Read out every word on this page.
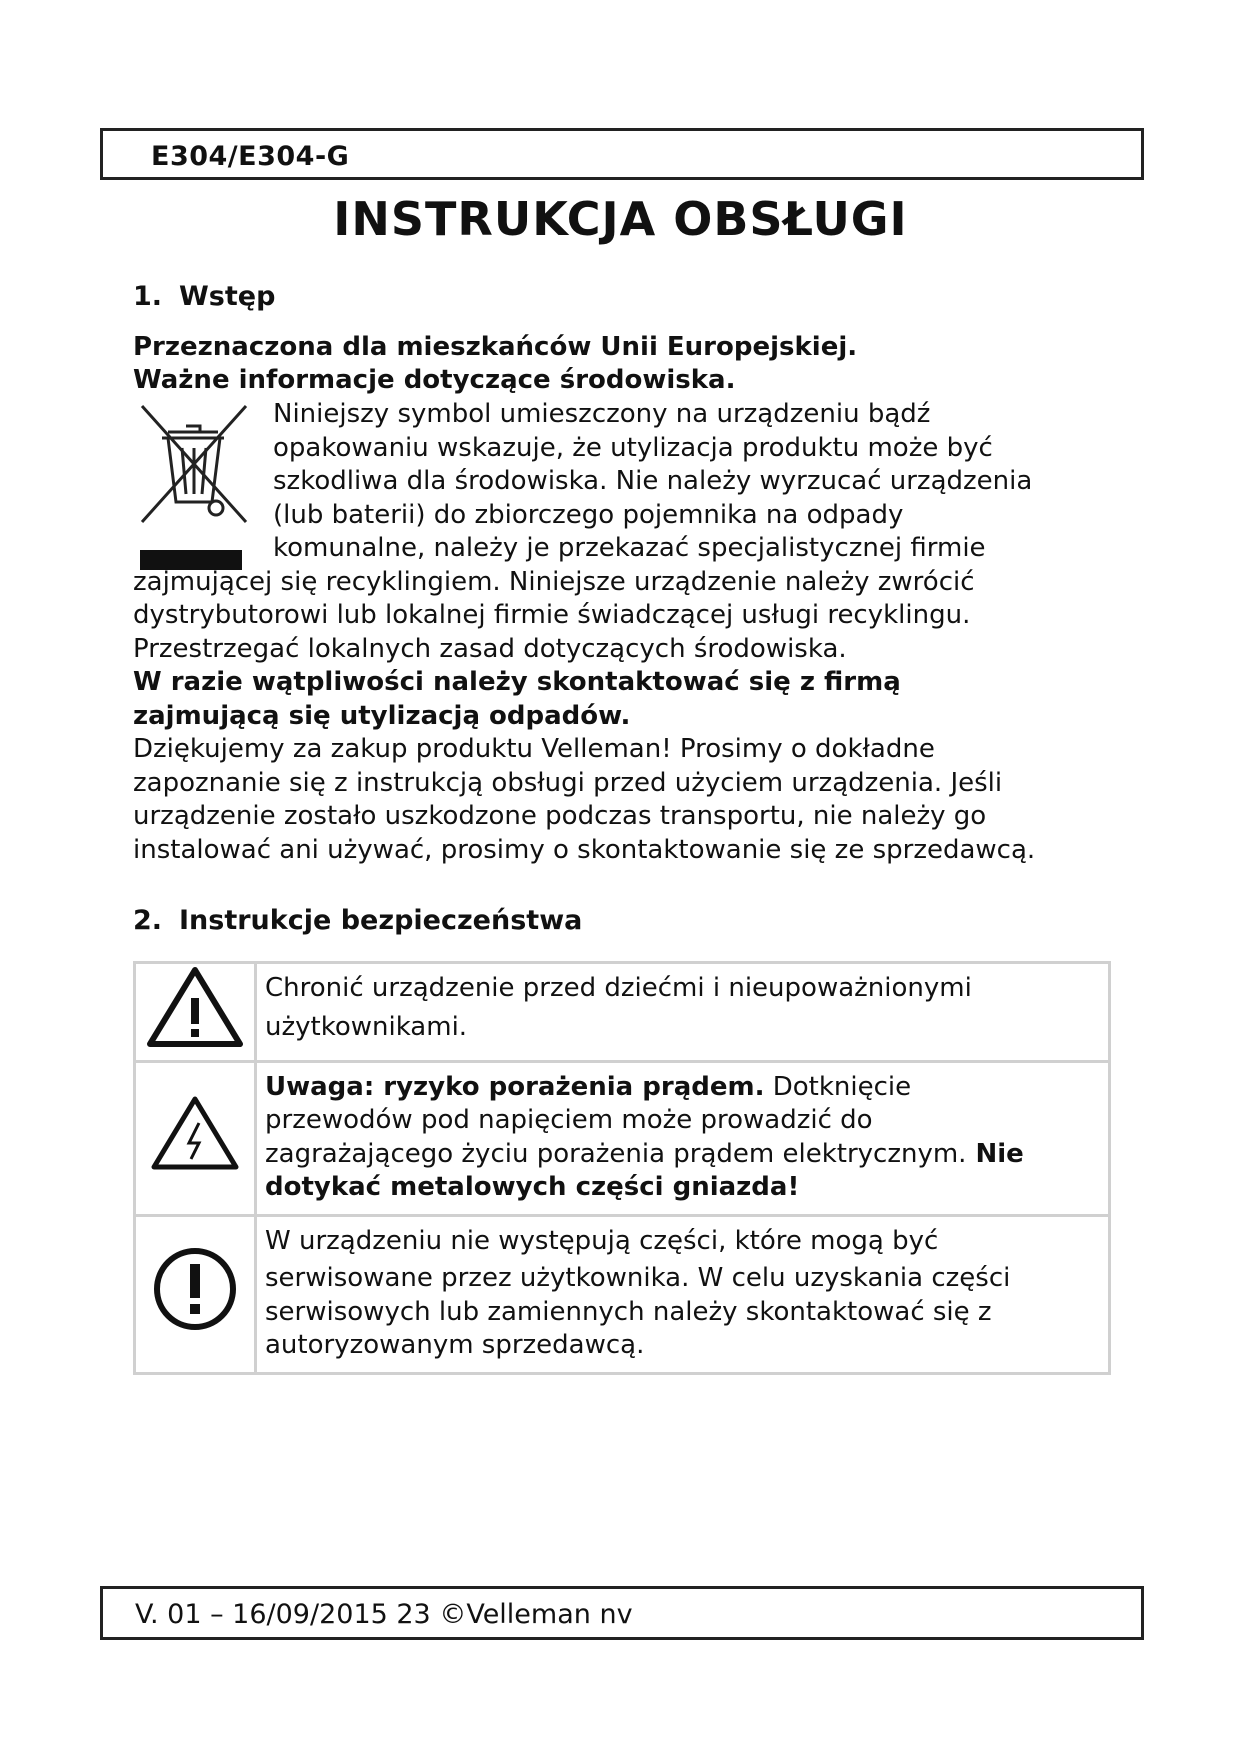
E304/E304-G
INSTRUKCJA OBSŁUGI
1. Wstęp
Przeznaczona dla mieszkańców Unii Europejskiej.
Ważne informacje dotyczące środowiska.
Niniejszy symbol umieszczony na urządzeniu bądź
opakowaniu wskazuje, że utylizacja produktu może być
szkodliwa dla środowiska. Nie należy wyrzucać urządzenia
(lub baterii) do zbiorczego pojemnika na odpady
komunalne, należy je przekazać specjalistycznej firmie
zajmującej się recyklingiem. Niniejsze urządzenie należy zwrócić
dystrybutorowi lub lokalnej firmie świadczącej usługi recyklingu.
Przestrzegać lokalnych zasad dotyczących środowiska.
W razie wątpliwości należy skontaktować się z firmą
zajmującą się utylizacją odpadów.
Dziękujemy za zakup produktu Velleman! Prosimy o dokładne
zapoznanie się z instrukcją obsługi przed użyciem urządzenia. Jeśli
urządzenie zostało uszkodzone podczas transportu, nie należy go
instalować ani używać, prosimy o skontaktowanie się ze sprzedawcą.
2. Instrukcje bezpieczeństwa

Chronić urządzenie przed dziećmi i nieupoważnionymi
użytkownikami.

Uwaga: ryzyko porażenia prądem. Dotknięcie
przewodów pod napięciem może prowadzić do
zagrażającego życiu porażenia prądem elektrycznym. Nie
dotykać metalowych części gniazda!

W urządzeniu nie występują części, które mogą być
serwisowane przez użytkownika. W celu uzyskania części
serwisowych lub zamiennych należy skontaktować się z
autoryzowanym sprzedawcą.
V. 01 – 16/09/2015 23 ©Velleman nv
